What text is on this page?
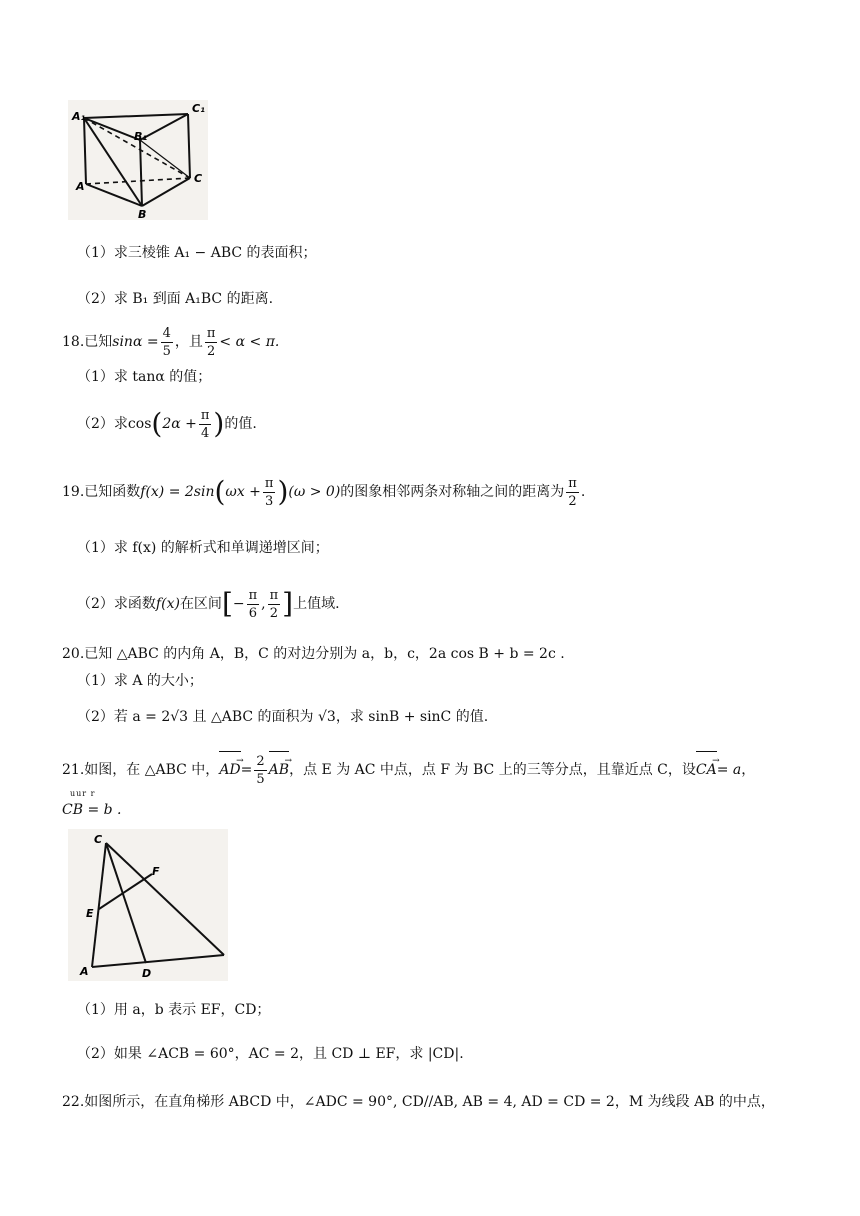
A₁
B₁
C₁
A
B
C
（1）求三棱锥 A₁ − ABC 的表面积；
（2）求 B₁ 到面 A₁BC 的距离.
18.已知$\sin\alpha = \frac{4}{5}$ ，且 $\frac{\pi}{2} < \alpha < \pi$.
（1）求 tanα 的值；
（2）求$\cos(2\alpha + \frac{\pi}{4}$ )的值.
19.已知函数$f(x) = 2\sin(\omega x + \frac{\pi}{3} )(\omega > 0)$的图象相邻两条对称轴之间的距离为 $\frac{\pi}{2}$ .
（1）求 f(x) 的解析式和单调递增区间；
（2）求函数f(x)在区间[− $\frac{\pi}{6}$ , $\frac{\pi}{2}$ ]上值域.
20.已知 △ABC 的内角 A，B，C 的对边分别为 a，b，c，2a cos B + b = 2c .
（1）求 A 的大小；
（2）若 a = 2√3 且 △ABC 的面积为 √3，求 sinB + sinC 的值.
21.如图，在 △ABC 中，AD →= $\frac{2}{5}$ AB →，点 E 为 AC 中点，点 F 为 BC 上的三等分点，且靠近点 C，设CA →= a，
uur r
CB = b .
C
F
E
A	D
（1）用 a，b 表示 EF，CD；
（2）如果 ∠ACB = 60°，AC = 2，且 CD ⊥ EF，求 |CD|.
22.如图所示，在直角梯形 ABCD 中，∠ADC = 90°, CD//AB, AB = 4, AD = CD = 2，M 为线段 AB 的中点，
